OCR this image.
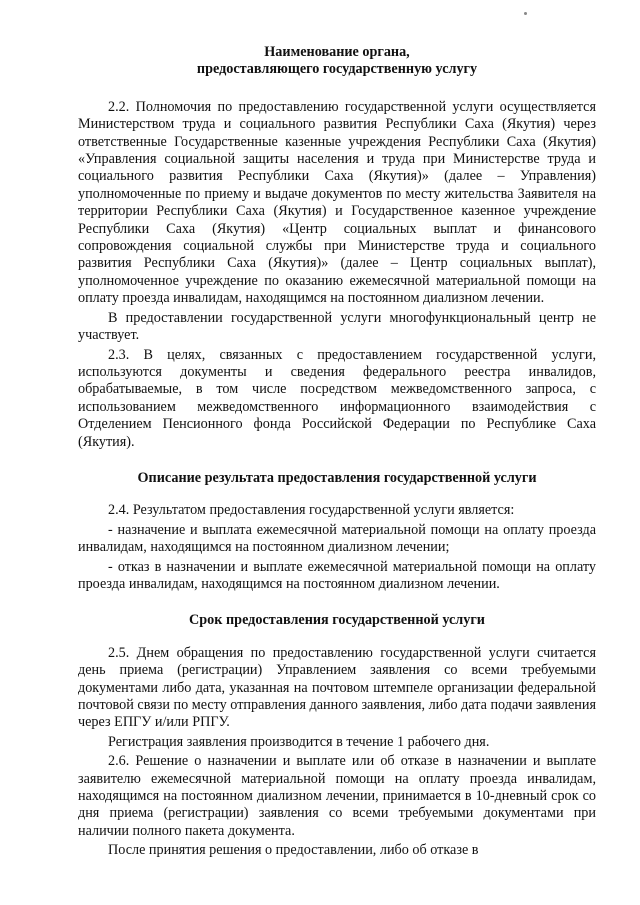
Наименование органа,
предоставляющего государственную услугу

2.2. Полномочия по предоставлению государственной услуги осуществляется Министерством труда и социального развития Республики Саха (Якутия) через ответственные Государственные казенные учреждения Республики Саха (Якутия) «Управления социальной защиты населения и труда при Министерстве труда и социального развития Республики Саха (Якутия)» (далее – Управления) уполномоченные по приему и выдаче документов по месту жительства Заявителя на территории Республики Саха (Якутия) и Государственное казенное учреждение Республики Саха (Якутия) «Центр социальных выплат и финансового сопровождения социальной службы при Министерстве труда и социального развития Республики Саха (Якутия)» (далее – Центр социальных выплат), уполномоченное учреждение по оказанию ежемесячной материальной помощи на оплату проезда инвалидам, находящимся на постоянном диализном лечении.

В предоставлении государственной услуги многофункциональный центр не участвует.

2.3. В целях, связанных с предоставлением государственной услуги, используются документы и сведения федерального реестра инвалидов, обрабатываемые, в том числе посредством межведомственного запроса, с использованием межведомственного информационного взаимодействия с Отделением Пенсионного фонда Российской Федерации по Республике Саха (Якутия).

Описание результата предоставления государственной услуги

2.4. Результатом предоставления государственной услуги является:

- назначение и выплата ежемесячной материальной помощи на оплату проезда инвалидам, находящимся на постоянном диализном лечении;

- отказ в назначении и выплате ежемесячной материальной помощи на оплату проезда инвалидам, находящимся на постоянном диализном лечении.

Срок предоставления государственной услуги

2.5. Днем обращения по предоставлению государственной услуги считается день приема (регистрации) Управлением заявления со всеми требуемыми документами либо дата, указанная на почтовом штемпеле организации федеральной почтовой связи по месту отправления данного заявления, либо дата подачи заявления через ЕПГУ и/или РПГУ.

Регистрация заявления производится в течение 1 рабочего дня.

2.6. Решение о назначении и выплате или об отказе в назначении и выплате заявителю ежемесячной материальной помощи на оплату проезда инвалидам, находящимся на постоянном диализном лечении, принимается в 10-дневный срок со дня приема (регистрации) заявления со всеми требуемыми документами при наличии полного пакета документа.

После принятия решения о предоставлении, либо об отказе в
